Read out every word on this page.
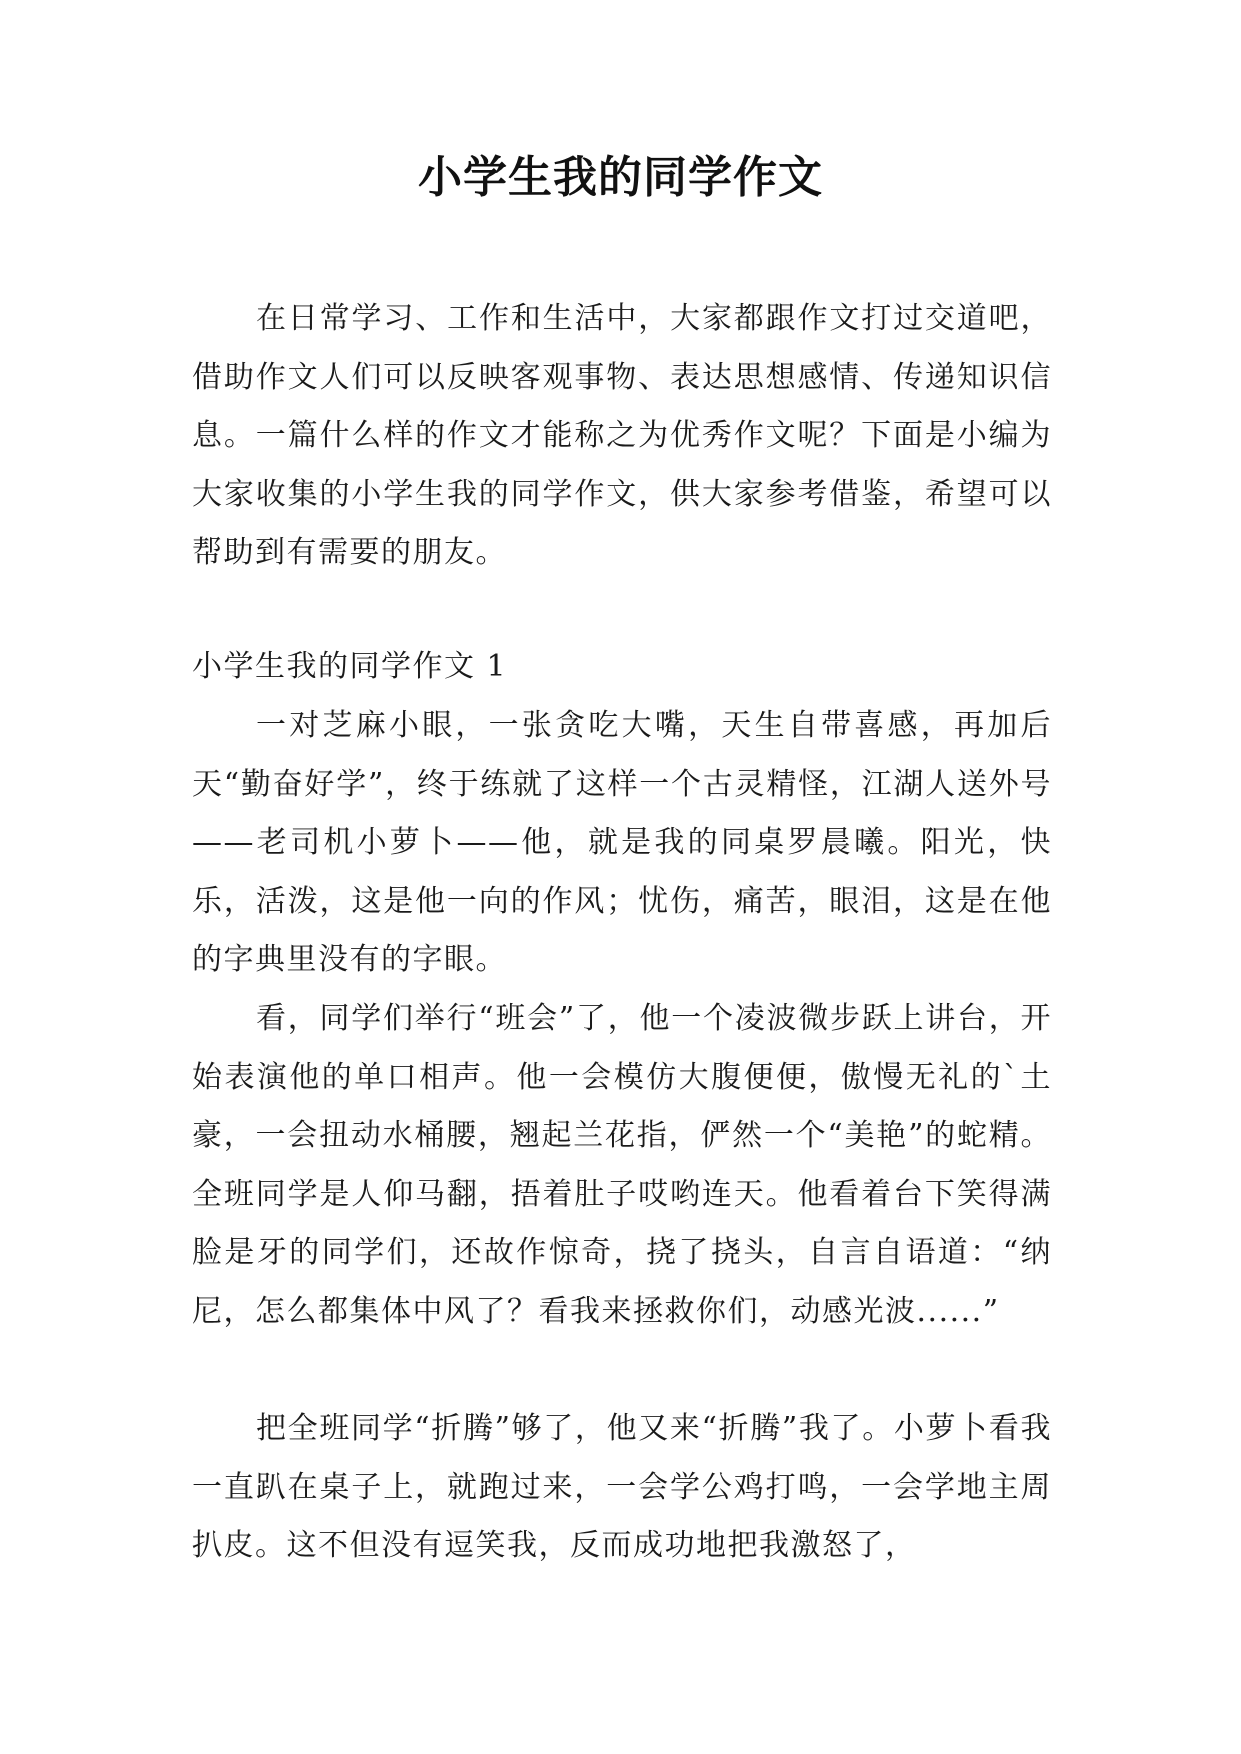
小学生我的同学作文

在日常学习、工作和生活中，大家都跟作文打过交道吧，借助作文人们可以反映客观事物、表达思想感情、传递知识信息。一篇什么样的作文才能称之为优秀作文呢？下面是小编为大家收集的小学生我的同学作文，供大家参考借鉴，希望可以帮助到有需要的朋友。

小学生我的同学作文 1

一对芝麻小眼，一张贪吃大嘴，天生自带喜感，再加后天“勤奋好学”，终于练就了这样一个古灵精怪，江湖人送外号——老司机小萝卜——他，就是我的同桌罗晨曦。阳光，快乐，活泼，这是他一向的作风；忧伤，痛苦，眼泪，这是在他的字典里没有的字眼。

看，同学们举行“班会”了，他一个凌波微步跃上讲台，开始表演他的单口相声。他一会模仿大腹便便，傲慢无礼的`土豪，一会扭动水桶腰，翘起兰花指，俨然一个“美艳”的蛇精。全班同学是人仰马翻，捂着肚子哎哟连天。他看着台下笑得满脸是牙的同学们，还故作惊奇，挠了挠头，自言自语道：“纳尼，怎么都集体中风了？看我来拯救你们，动感光波......”

把全班同学“折腾”够了，他又来“折腾”我了。小萝卜看我一直趴在桌子上，就跑过来，一会学公鸡打鸣，一会学地主周扒皮。这不但没有逗笑我，反而成功地把我激怒了，
